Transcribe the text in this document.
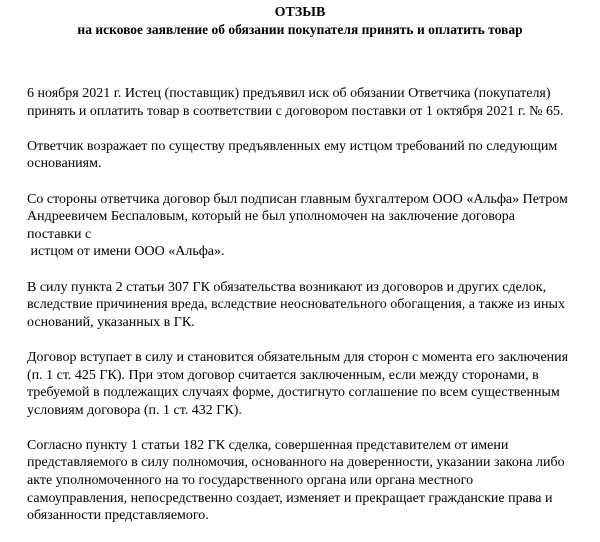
ОТЗЫВ
на исковое заявление об обязании покупателя принять и оплатить товар

6 ноября 2021 г. Истец (поставщик) предъявил иск об обязании Ответчика (покупателя)
принять и оплатить товар в соответствии с договором поставки от 1 октября 2021 г. № 65.

Ответчик возражает по существу предъявленных ему истцом требований по следующим
основаниям.

Со стороны ответчика договор был подписан главным бухгалтером ООО «Альфа» Петром
Андреевичем Беспаловым, который не был уполномочен на заключение договора
поставки с
истцом от имени ООО «Альфа».

В силу пункта 2 статьи 307 ГК обязательства возникают из договоров и других сделок,
вследствие причинения вреда, вследствие неосновательного обогащения, а также из иных
оснований, указанных в ГК.

Договор вступает в силу и становится обязательным для сторон с момента его заключения
(п. 1 ст. 425 ГК). При этом договор считается заключенным, если между сторонами, в
требуемой в подлежащих случаях форме, достигнуто соглашение по всем существенным
условиям договора (п. 1 ст. 432 ГК).

Согласно пункту 1 статьи 182 ГК сделка, совершенная представителем от имени
представляемого в силу полномочия, основанного на доверенности, указании закона либо
акте уполномоченного на то государственного органа или органа местного
самоуправления, непосредственно создает, изменяет и прекращает гражданские права и
обязанности представляемого.
